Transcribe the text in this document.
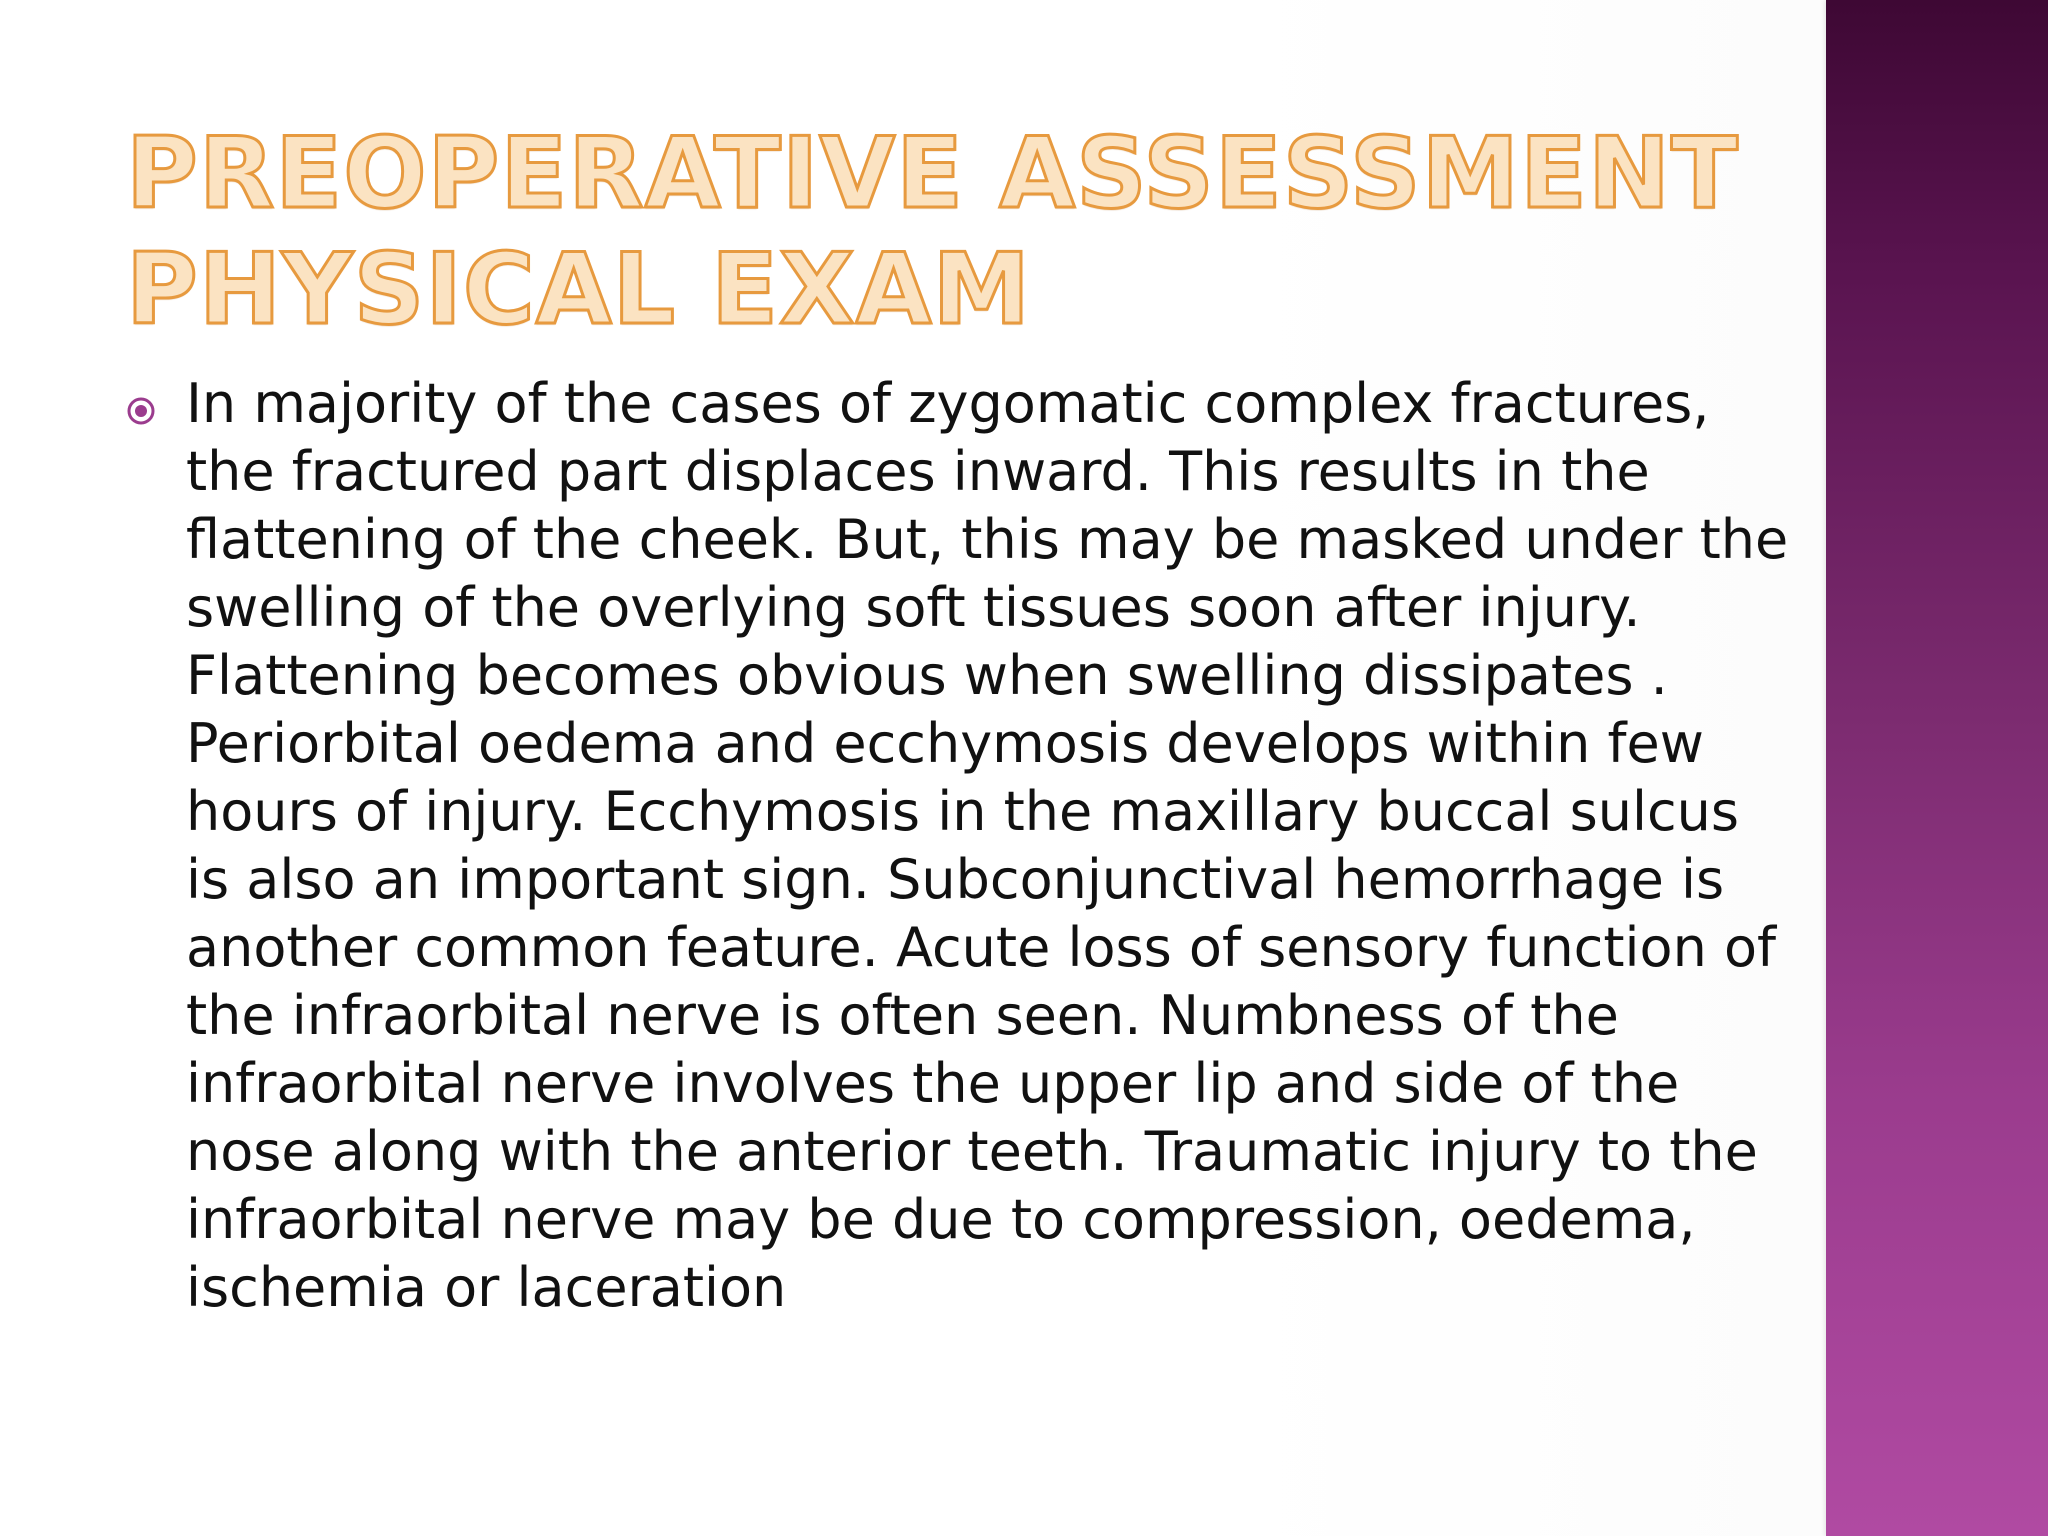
PREOPERATIVE ASSESSMENT
PHYSICAL EXAM

In majority of the cases of zygomatic complex fractures,
the fractured part displaces inward. This results in the
flattening of the cheek. But, this may be masked under the
swelling of the overlying soft tissues soon after injury.
Flattening becomes obvious when swelling dissipates .
Periorbital oedema and ecchymosis develops within few
hours of injury. Ecchymosis in the maxillary buccal sulcus
is also an important sign. Subconjunctival hemorrhage is
another common feature. Acute loss of sensory function of
the infraorbital nerve is often seen. Numbness of the
infraorbital nerve involves the upper lip and side of the
nose along with the anterior teeth. Traumatic injury to the
infraorbital nerve may be due to compression, oedema,
ischemia or laceration
